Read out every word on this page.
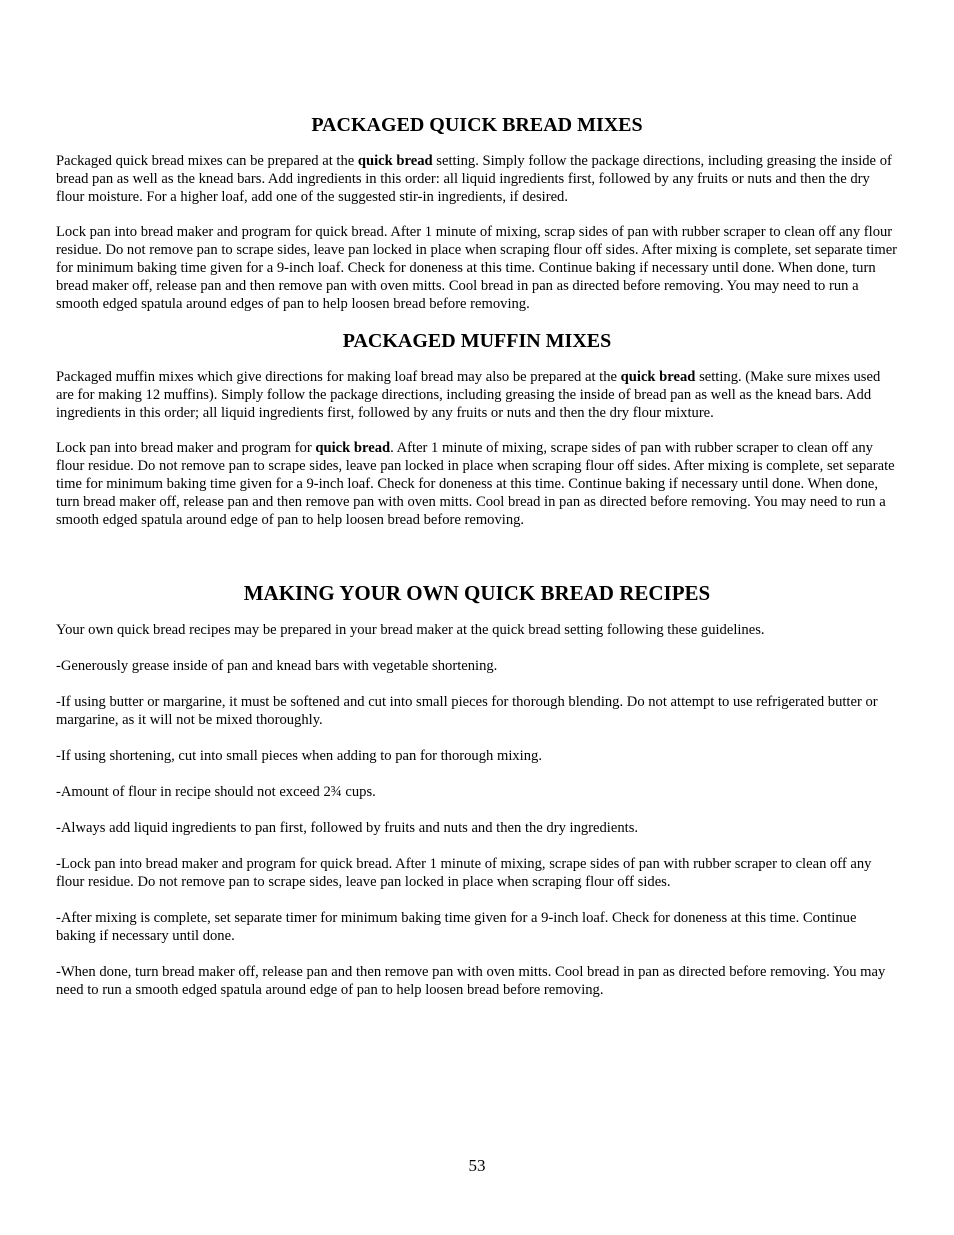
PACKAGED QUICK BREAD MIXES

Packaged quick bread mixes can be prepared at the quick bread setting. Simply follow the package directions, including greasing the inside of bread pan as well as the knead bars. Add ingredients in this order: all liquid ingredients first, followed by any fruits or nuts and then the dry flour moisture. For a higher loaf, add one of the suggested stir-in ingredients, if desired.

Lock pan into bread maker and program for quick bread. After 1 minute of mixing, scrap sides of pan with rubber scraper to clean off any flour residue. Do not remove pan to scrape sides, leave pan locked in place when scraping flour off sides. After mixing is complete, set separate timer for minimum baking time given for a 9-inch loaf. Check for doneness at this time. Continue baking if necessary until done. When done, turn bread maker off, release pan and then remove pan with oven mitts. Cool bread in pan as directed before removing. You may need to run a smooth edged spatula around edges of pan to help loosen bread before removing.

PACKAGED MUFFIN MIXES

Packaged muffin mixes which give directions for making loaf bread may also be prepared at the quick bread setting. (Make sure mixes used are for making 12 muffins). Simply follow the package directions, including greasing the inside of bread pan as well as the knead bars. Add ingredients in this order; all liquid ingredients first, followed by any fruits or nuts and then the dry flour mixture.

Lock pan into bread maker and program for quick bread. After 1 minute of mixing, scrape sides of pan with rubber scraper to clean off any flour residue. Do not remove pan to scrape sides, leave pan locked in place when scraping flour off sides. After mixing is complete, set separate time for minimum baking time given for a 9-inch loaf. Check for doneness at this time. Continue baking if necessary until done. When done, turn bread maker off, release pan and then remove pan with oven mitts. Cool bread in pan as directed before removing. You may need to run a smooth edged spatula around edge of pan to help loosen bread before removing.

MAKING YOUR OWN QUICK BREAD RECIPES

Your own quick bread recipes may be prepared in your bread maker at the quick bread setting following these guidelines.

-Generously grease inside of pan and knead bars with vegetable shortening.

-If using butter or margarine, it must be softened and cut into small pieces for thorough blending. Do not attempt to use refrigerated butter or margarine, as it will not be mixed thoroughly.

-If using shortening, cut into small pieces when adding to pan for thorough mixing.

-Amount of flour in recipe should not exceed 2¾ cups.

-Always add liquid ingredients to pan first, followed by fruits and nuts and then the dry ingredients.

-Lock pan into bread maker and program for quick bread. After 1 minute of mixing, scrape sides of pan with rubber scraper to clean off any flour residue. Do not remove pan to scrape sides, leave pan locked in place when scraping flour off sides.

-After mixing is complete, set separate timer for minimum baking time given for a 9-inch loaf. Check for doneness at this time. Continue baking if necessary until done.

-When done, turn bread maker off, release pan and then remove pan with oven mitts. Cool bread in pan as directed before removing. You may need to run a smooth edged spatula around edge of pan to help loosen bread before removing.

53
